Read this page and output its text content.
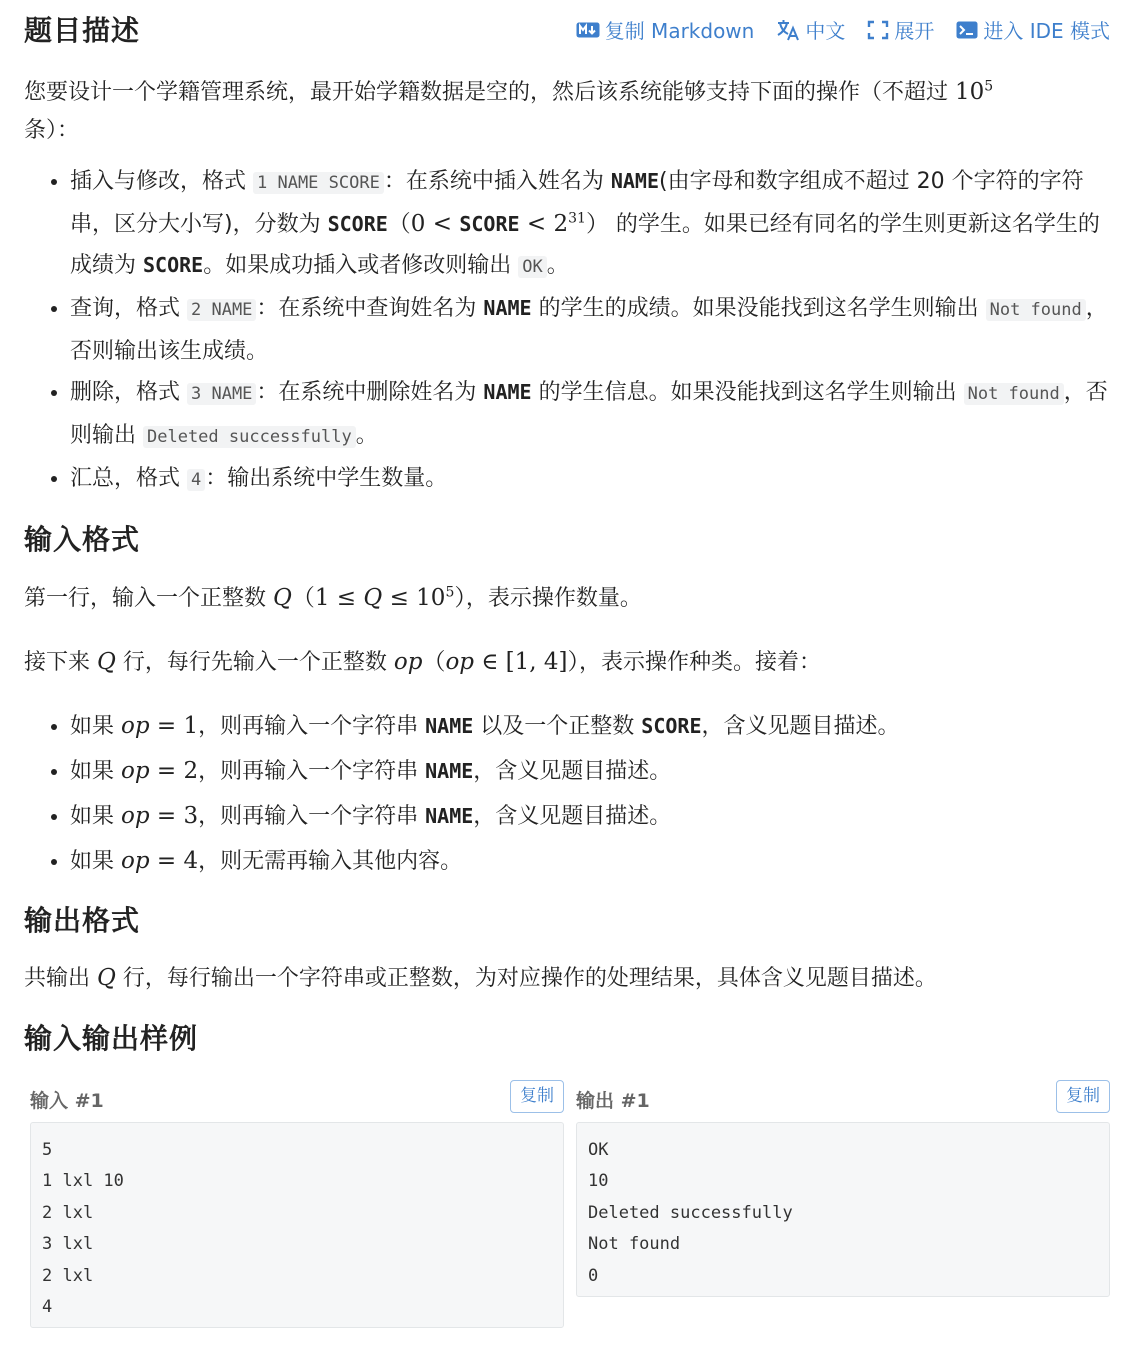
题目描述	复制 Markdown	中文 展开 进入 IDE 模式

您要设计一个学籍管理系统，最开始学籍数据是空的，然后该系统能够支持下面的操作（不超过 $10^5$
条）：

• 插入与修改，格式 1 NAME SCORE ：在系统中插入姓名为 NAME(由字母和数字组成不超过 20 个字符的字符串，区分大小写)，分数为 SCORE（0 < SCORE < $2^{31}$） 的学生。如果已经有同名的学生则更新这名学生的成绩为 SCORE。如果成功插入或者修改则输出 OK 。
• 查询，格式 2 NAME ：在系统中查询姓名为 NAME 的学生的成绩。如果没能找到这名学生则输出 Not found ，否则输出该生成绩。
• 删除，格式 3 NAME ：在系统中删除姓名为 NAME 的学生信息。如果没能找到这名学生则输出 Not found ，否则输出 Deleted successfully 。
• 汇总，格式 4 ：输出系统中学生数量。
输入格式

第一行，输入一个正整数 $Q(1 \le Q \le 10^5)$，表示操作数量。

接下来 Q 行，每行先输入一个正整数 op（op ∈ [1, 4]），表示操作种类。接着：

• 如果 op = 1，则再输入一个字符串 NAME 以及一个正整数 SCORE，含义见题目描述。
• 如果 op = 2，则再输入一个字符串 NAME，含义见题目描述。
• 如果 op = 3，则再输入一个字符串 NAME，含义见题目描述。
• 如果 op = 4，则无需再输入其他内容。
输出格式

共输出 Q 行，每行输出一个字符串或正整数，为对应操作的处理结果，具体含义见题目描述。

输入输出样例
输入 #1	复制
5
1 lxl 10
2 lxl
3 lxl
2 lxl
4
输出 #1	复制
OK
10
Deleted successfully
Not found
0
